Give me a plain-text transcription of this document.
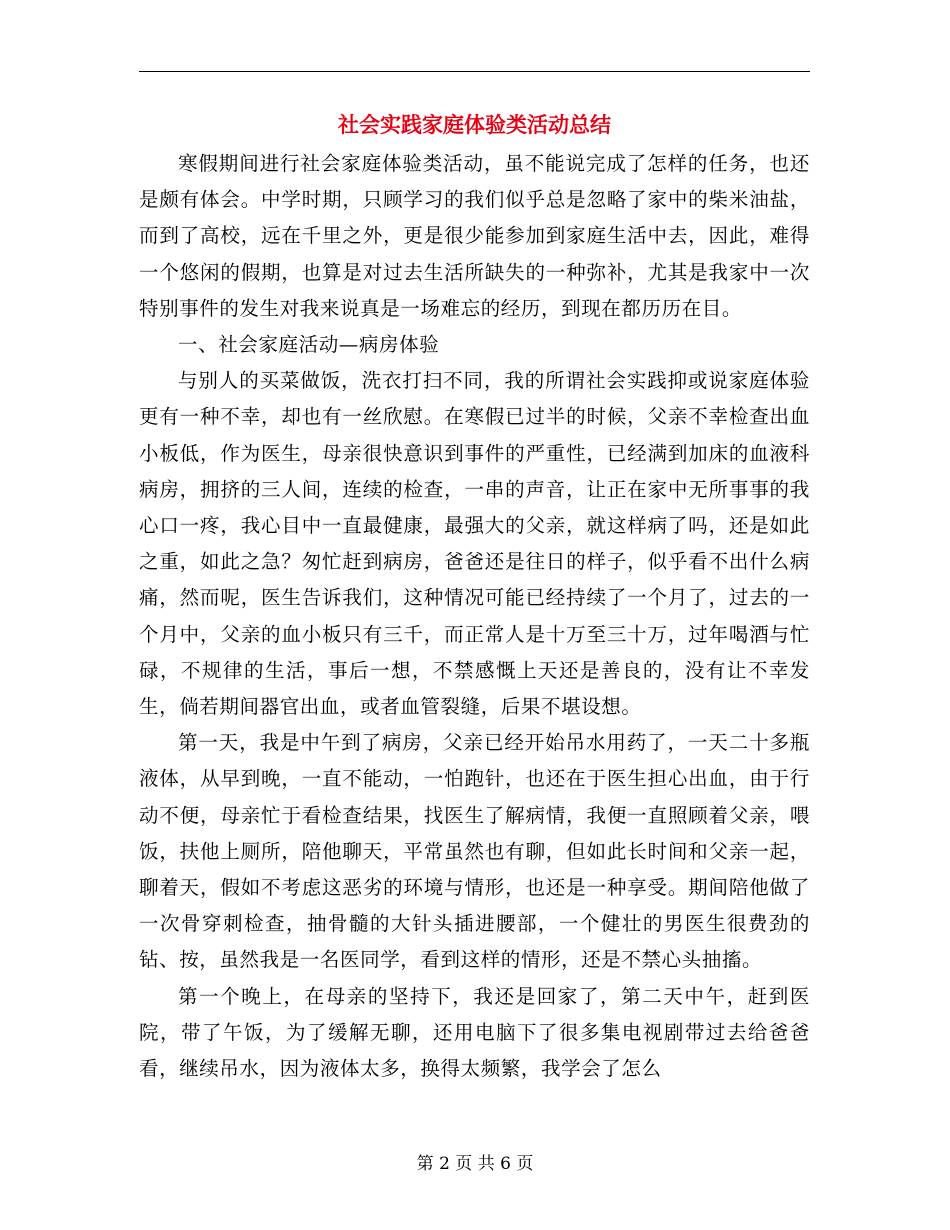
社会实践家庭体验类活动总结

寒假期间进行社会家庭体验类活动，虽不能说完成了怎样的任务，也还是颇有体会。中学时期，只顾学习的我们似乎总是忽略了家中的柴米油盐，而到了高校，远在千里之外，更是很少能参加到家庭生活中去，因此，难得一个悠闲的假期，也算是对过去生活所缺失的一种弥补，尤其是我家中一次特别事件的发生对我来说真是一场难忘的经历，到现在都历历在目。

一、社会家庭活动—病房体验

与别人的买菜做饭，洗衣打扫不同，我的所谓社会实践抑或说家庭体验更有一种不幸，却也有一丝欣慰。在寒假已过半的时候，父亲不幸检查出血小板低，作为医生，母亲很快意识到事件的严重性，已经满到加床的血液科病房，拥挤的三人间，连续的检查，一串的声音，让正在家中无所事事的我心口一疼，我心目中一直最健康，最强大的父亲，就这样病了吗，还是如此之重，如此之急？匆忙赶到病房，爸爸还是往日的样子，似乎看不出什么病痛，然而呢，医生告诉我们，这种情况可能已经持续了一个月了，过去的一个月中，父亲的血小板只有三千，而正常人是十万至三十万，过年喝酒与忙碌，不规律的生活，事后一想，不禁感慨上天还是善良的，没有让不幸发生，倘若期间器官出血，或者血管裂缝，后果不堪设想。

第一天，我是中午到了病房，父亲已经开始吊水用药了，一天二十多瓶液体，从早到晚，一直不能动，一怕跑针，也还在于医生担心出血，由于行动不便，母亲忙于看检查结果，找医生了解病情，我便一直照顾着父亲，喂饭，扶他上厕所，陪他聊天，平常虽然也有聊，但如此长时间和父亲一起，聊着天，假如不考虑这恶劣的环境与情形，也还是一种享受。期间陪他做了一次骨穿刺检查，抽骨髓的大针头插进腰部，一个健壮的男医生很费劲的钻、按，虽然我是一名医同学，看到这样的情形，还是不禁心头抽搐。

第一个晚上，在母亲的坚持下，我还是回家了，第二天中午，赶到医院，带了午饭，为了缓解无聊，还用电脑下了很多集电视剧带过去给爸爸看，继续吊水，因为液体太多，换得太频繁，我学会了怎么

第 2 页 共 6 页
